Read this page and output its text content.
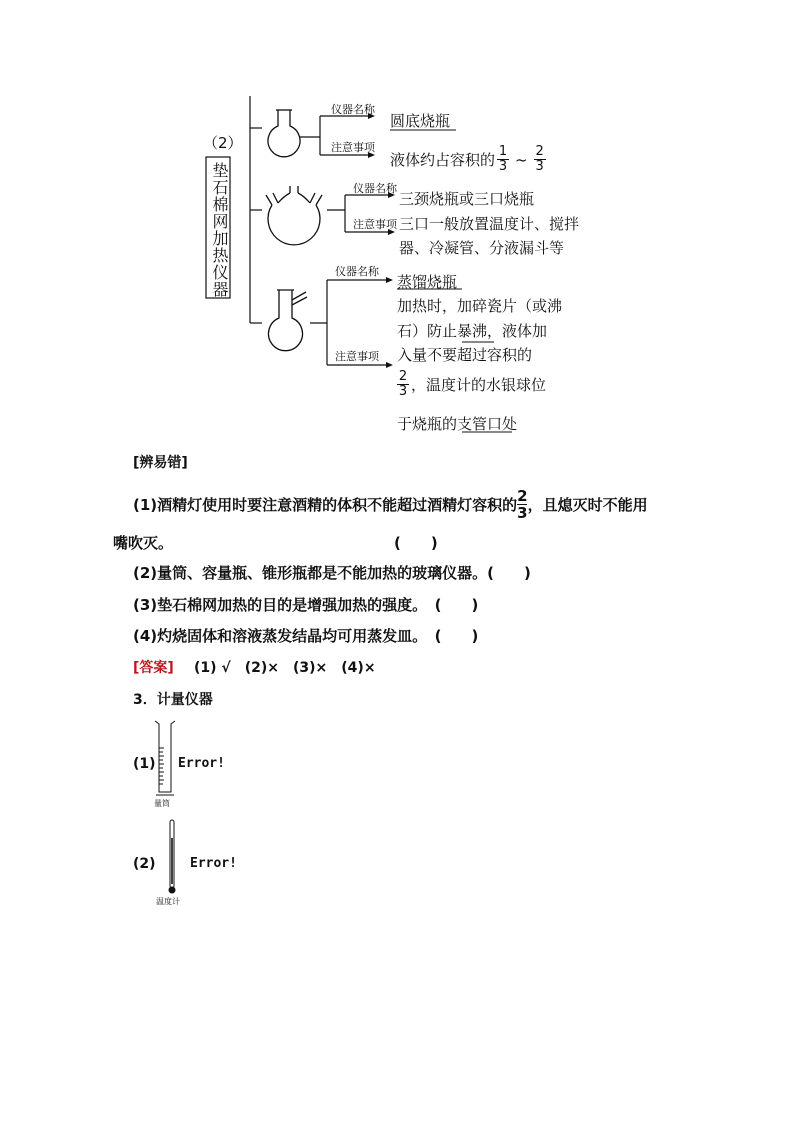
（2）
垫石棉网加热仪器
仪器名称
圆底烧瓶
注意事项
液体约占容积的 $\frac{1}{3}$ ~ $\frac{2}{3}$
仪器名称
三颈烧瓶或三口烧瓶
注意事项 三口一般放置温度计、搅拌
器、冷凝管、分液漏斗等
仪器名称
蒸馏烧瓶
加热时，加碎瓷片（或沸
石）防止暴沸，液体加
注意事项 入量不要超过容积的
$\frac{2}{3}$ ，温度计的水银球位
于烧瓶的支管口处
[辨易错]
(1)酒精灯使用时要注意酒精的体积不能超过酒精灯容积的 $\frac{2}{3}$ ，且熄灭时不能用
嘴吹灭。	(　　)
(2)量筒、容量瓶、锥形瓶都是不能加热的玻璃仪器。(　　)
(3)垫石棉网加热的目的是增强加热的强度。　(　　)
(4)灼烧固体和溶液蒸发结晶均可用蒸发皿。　(　　)
[答案] (1) √　(2)×　(3)×　(4)×
3．计量仪器
(1)
量筒
Error!
(2)
温度计
Error!
